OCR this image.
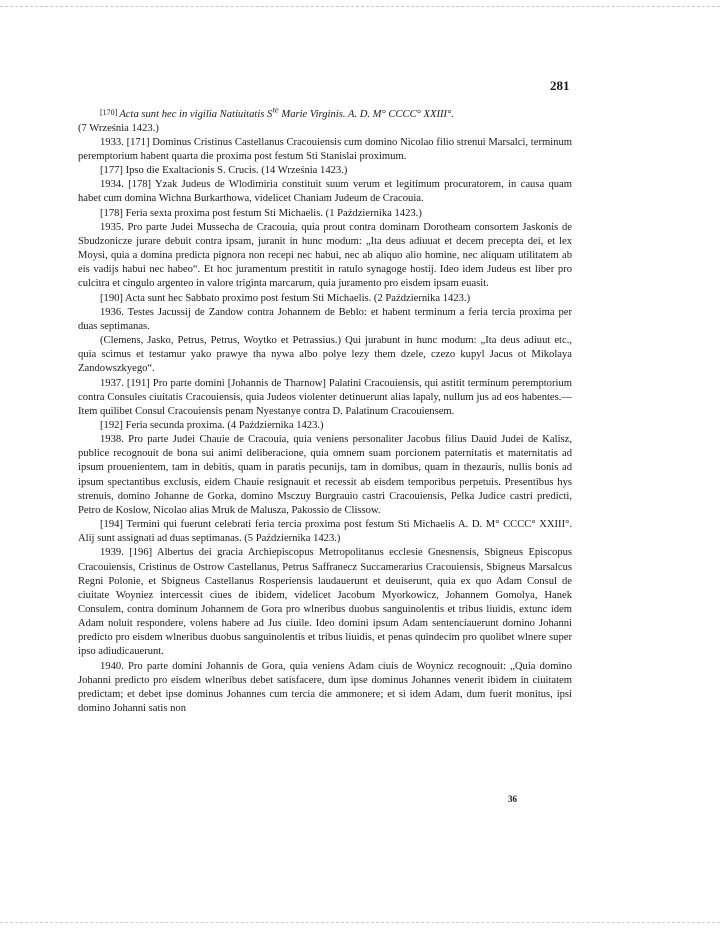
281

[170] Acta sunt hec in vigilia Natiuitatis $S^{te}$ Marie Virginis. A. D. M° CCCC° XXIII°.

(7 Września 1423.)

1933. [171] Dominus Cristinus Castellanus Cracouiensis cum domino Nicolao filio strenui Marsalci, terminum peremptorium habent quarta die proxima post festum Sti Stanislai proximum.

[177] Ipso die Exaltacionis S. Crucis. (14 Września 1423.)

1934. [178] Yzak Judeus de Wlodimiria constituit suum verum et legitimum procuratorem, in causa quam habet cum domina Wichna Burkarthowa, videlicet Chaniam Judeum de Cracouia.

[178] Feria sexta proxima post festum Sti Michaelis. (1 Października 1423.)

1935. Pro parte Judei Mussecha de Cracouia, quia prout contra dominam Dorotheam consortem Jaskonis de Sbudzonicze jurare debuit contra ipsam, juranit in hunc modum: „Ita deus adiuuat et decem precepta dei, et lex Moysi, quia a domina predicta pignora non recepi nec habui, nec ab aliquo alio homine, nec aliquam utilitatem ab eis vadijs habui nec habeo“. Et hoc juramentum prestitit in ratulo synagoge hostij. Ideo idem Judeus est liber pro culcitra et cingulo argenteo in valore triginta marcarum, quia juramento pro eisdem ipsam euasit.

[190] Acta sunt hec Sabbato proximo post festum Sti Michaelis. (2 Października 1423.)

1936. Testes Jacussij de Zandow contra Johannem de Beblo: et habent terminum a feria tercia proxima per duas septimanas.

(Clemens, Jasko, Petrus, Petrus, Woytko et Petrassius.) Qui jurabunt in hunc modum: „Ita deus adiuut etc., quia scimus et testamur yako prawye tha nywa albo polye lezy them dzele, czezo kupyl Jacus ot Mikolaya Zandowszkyego“.

1937. [191] Pro parte domini [Johannis de Tharnow] Palatini Cracouiensis, qui astitit terminum peremptorium contra Consules ciuitatis Cracouiensis, quia Judeos violenter detinuerunt alias lapaly, nullum jus ad eos habentes.— Item quilibet Consul Cracouiensis penam Nyestanye contra D. Palatinum Cracouiensem.

[192] Feria secunda proxima. (4 Października 1423.)

1938. Pro parte Judei Chauie de Cracouia, quia veniens personaliter Jacobus filius Dauid Judei de Kalisz, publice recognouit de bona sui animi deliberacione, quia omnem suam porcionem paternitatis et maternitatis ad ipsum prouenientem, tam in debitis, quam in paratis pecunijs, tam in domibus, quam in thezauris, nullis bonis ad ipsum spectantibus exclusis, eidem Chauie resignauit et recessit ab eisdem temporibus perpetuis. Presentibus hys strenuis, domino Johanne de Gorka, domino Msczuy Burgrauio castri Cracouiensis, Pelka Judice castri predicti, Petro de Koslow, Nicolao alias Mruk de Malusza, Pakossio de Clissow.

[194] Termini qui fuerunt celebrati feria tercia proxima post festum Sti Michaelis A. D. M° CCCC° XXIII°. Alij sunt assignati ad duas septimanas. (5 Października 1423.)

1939. [196] Albertus dei gracia Archiepiscopus Metropolitanus ecclesie Gnesnensis, Sbigneus Episcopus Cracouiensis, Cristinus de Ostrow Castellanus, Petrus Saffranecz Succamerarius Cracouiensis, Sbigneus Marsalcus Regni Polonie, et Sbigneus Castellanus Rosperiensis laudauerunt et deuiserunt, quia ex quo Adam Consul de ciuitate Woyniez intercessit ciues de ibidem, videlicet Jacobum Myorkowicz, Johannem Gomolya, Hanek Consulem, contra dominum Johannem de Gora pro wlneribus duobus sanguinolentis et tribus liuidis, extunc idem Adam noluit respondere, volens habere ad Jus ciuile. Ideo domini ipsum Adam sentenciauerunt domino Johanni predicto pro eisdem wlneribus duobus sanguinolentis et tribus liuidis, et penas quindecim pro quolibet wlnere super ipso adiudicauerunt.

1940. Pro parte domini Johannis de Gora, quia veniens Adam ciuis de Woynicz recognouit: „Quia domino Johanni predicto pro eisdem wlneribus debet satisfacere, dum ipse dominus Johannes venerit ibidem in ciuitatem predictam; et debet ipse dominus Johannes cum tercia die ammonere; et si idem Adam, dum fuerit monitus, ipsi domino Johanni satis non

36
